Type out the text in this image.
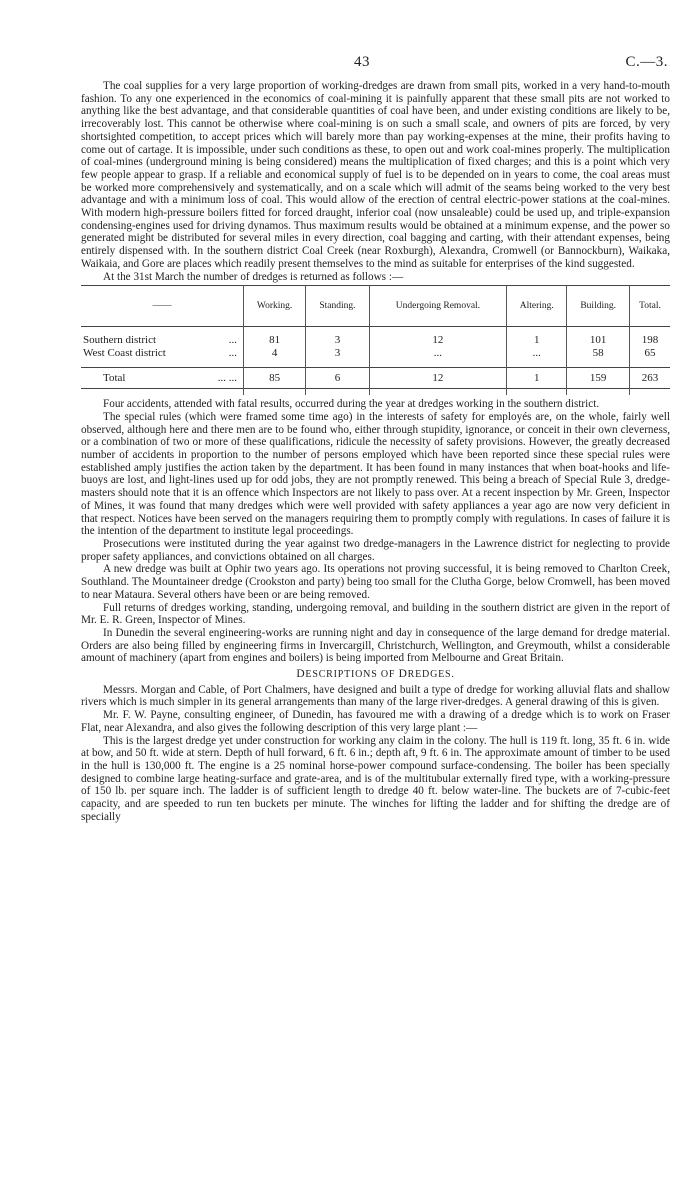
43	C.—3.

The coal supplies for a very large proportion of working-dredges are drawn from small pits, worked in a very hand-to-mouth fashion. To any one experienced in the economics of coal-mining it is painfully apparent that these small pits are not worked to anything like the best advantage, and that considerable quantities of coal have been, and under existing conditions are likely to be, irrecoverably lost. This cannot be otherwise where coal-mining is on such a small scale, and owners of pits are forced, by very shortsighted competition, to accept prices which will barely more than pay working-expenses at the mine, their profits having to come out of cartage. It is impossible, under such conditions as these, to open out and work coal-mines properly. The multiplication of coal-mines (underground mining is being considered) means the multiplication of fixed charges; and this is a point which very few people appear to grasp. If a reliable and economical supply of fuel is to be depended on in years to come, the coal areas must be worked more comprehensively and systematically, and on a scale which will admit of the seams being worked to the very best advantage and with a minimum loss of coal. This would allow of the erection of central electric-power stations at the coal-mines. With modern high-pressure boilers fitted for forced draught, inferior coal (now unsaleable) could be used up, and triple-expansion condensing-engines used for driving dynamos. Thus maximum results would be obtained at a minimum expense, and the power so generated might be distributed for several miles in every direction, coal bagging and carting, with their attendant expenses, being entirely dispensed with. In the southern district Coal Creek (near Roxburgh), Alexandra, Cromwell (or Bannockburn), Waikaka, Waikaia, and Gore are places which readily present themselves to the mind as suitable for enterprises of the kind suggested.

At the 31st March the number of dredges is returned as follows :—

——	Working.	Standing.	Undergoing Removal.	Altering.	Building.	Total.

Southern district ...	81	3	12	1	101	198
West Coast district ...	4	3	...	...	58	65

Total ... ...	85	6	12	1	159	263

Four accidents, attended with fatal results, occurred during the year at dredges working in the southern district.

The special rules (which were framed some time ago) in the interests of safety for employés are, on the whole, fairly well observed, although here and there men are to be found who, either through stupidity, ignorance, or conceit in their own cleverness, or a combination of two or more of these qualifications, ridicule the necessity of safety provisions. However, the greatly decreased number of accidents in proportion to the number of persons employed which have been reported since these special rules were established amply justifies the action taken by the department. It has been found in many instances that when boat-hooks and life-buoys are lost, and light-lines used up for odd jobs, they are not promptly renewed. This being a breach of Special Rule 3, dredge-masters should note that it is an offence which Inspectors are not likely to pass over. At a recent inspection by Mr. Green, Inspector of Mines, it was found that many dredges which were well provided with safety appliances a year ago are now very deficient in that respect. Notices have been served on the managers requiring them to promptly comply with regulations. In cases of failure it is the intention of the department to institute legal proceedings.

Prosecutions were instituted during the year against two dredge-managers in the Lawrence district for neglecting to provide proper safety appliances, and convictions obtained on all charges.

A new dredge was built at Ophir two years ago. Its operations not proving successful, it is being removed to Charlton Creek, Southland. The Mountaineer dredge (Crookston and party) being too small for the Clutha Gorge, below Cromwell, has been moved to near Mataura. Several others have been or are being removed.

Full returns of dredges working, standing, undergoing removal, and building in the southern district are given in the report of Mr. E. R. Green, Inspector of Mines.

In Dunedin the several engineering-works are running night and day in consequence of the large demand for dredge material. Orders are also being filled by engineering firms in Invercargill, Christchurch, Wellington, and Greymouth, whilst a considerable amount of machinery (apart from engines and boilers) is being imported from Melbourne and Great Britain.

DESCRIPTIONS OF DREDGES.

Messrs. Morgan and Cable, of Port Chalmers, have designed and built a type of dredge for working alluvial flats and shallow rivers which is much simpler in its general arrangements than many of the large river-dredges. A general drawing of this is given.

Mr. F. W. Payne, consulting engineer, of Dunedin, has favoured me with a drawing of a dredge which is to work on Fraser Flat, near Alexandra, and also gives the following description of this very large plant :—

This is the largest dredge yet under construction for working any claim in the colony. The hull is 119 ft. long, 35 ft. 6 in. wide at bow, and 50 ft. wide at stern. Depth of hull forward, 6 ft. 6 in.; depth aft, 9 ft. 6 in. The approximate amount of timber to be used in the hull is 130,000 ft. The engine is a 25 nominal horse-power compound surface-condensing. The boiler has been specially designed to combine large heating-surface and grate-area, and is of the multitubular externally fired type, with a working-pressure of 150 lb. per square inch. The ladder is of sufficient length to dredge 40 ft. below water-line. The buckets are of 7-cubic-feet capacity, and are speeded to run ten buckets per minute. The winches for lifting the ladder and for shifting the dredge are of specially
